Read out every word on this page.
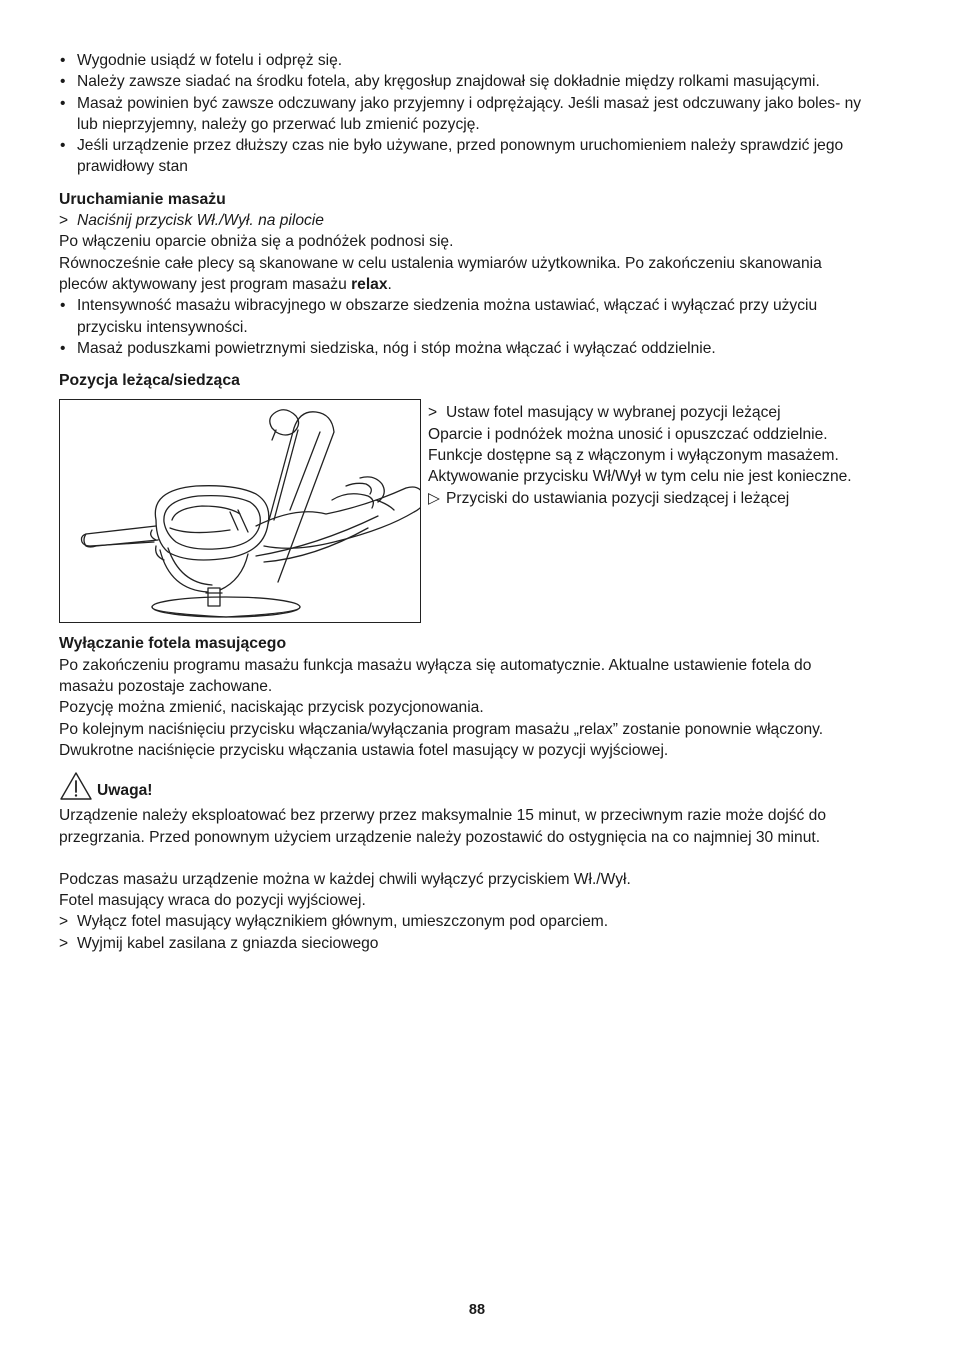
• Wygodnie usiądź w fotelu i odpręż się.
• Należy zawsze siadać na środku fotela, aby kręgosłup znajdował się dokładnie między rolkami masującymi.
• Masaż powinien być zawsze odczuwany jako przyjemny i odprężający. Jeśli masaż jest odczuwany jako boles- ny lub nieprzyjemny, należy go przerwać lub zmienić pozycję.
• Jeśli urządzenie przez dłuższy czas nie było używane, przed ponownym uruchomieniem należy sprawdzić jego prawidłowy stan
Uruchamianie masażu
> Naciśnij przycisk Wł./Wył. na pilocie

Po włączeniu oparcie obniża się a podnóżek podnosi się.

Równocześnie całe plecy są skanowane w celu ustalenia wymiarów użytkownika. Po zakończeniu skanowania pleców aktywowany jest program masażu relax.

• Intensywność masażu wibracyjnego w obszarze siedzenia można ustawiać, włączać i wyłączać przy użyciu przycisku intensywności.
• Masaż poduszkami powietrznymi siedziska, nóg i stóp można włączać i wyłączać oddzielnie.
Pozycja leżąca/siedząca
> Ustaw fotel masujący w wybranej pozycji leżącej

Oparcie i podnóżek można unosić i opuszczać oddzielnie.

Funkcje dostępne są z włączonym i wyłączonym masażem.

Aktywowanie przycisku Wł/Wył w tym celu nie jest konieczne.

▷ Przyciski do ustawiania pozycji siedzącej i leżącej
Wyłączanie fotela masującego

Po zakończeniu programu masażu funkcja masażu wyłącza się automatycznie. Aktualne ustawienie fotela do masażu pozostaje zachowane.

Pozycję można zmienić, naciskając przycisk pozycjonowania.

Po kolejnym naciśnięciu przycisku włączania/wyłączania program masażu „relax” zostanie ponownie włączony.

Dwukrotne naciśnięcie przycisku włączania ustawia fotel masujący w pozycji wyjściowej.

Uwaga!

Urządzenie należy eksploatować bez przerwy przez maksymalnie 15 minut, w przeciwnym razie może dojść do przegrzania. Przed ponownym użyciem urządzenie należy pozostawić do ostygnięcia na co najmniej 30 minut.

Podczas masażu urządzenie można w każdej chwili wyłączyć przyciskiem Wł./Wył.

Fotel masujący wraca do pozycji wyjściowej.

> Wyłącz fotel masujący wyłącznikiem głównym, umieszczonym pod oparciem.
> Wyjmij kabel zasilana z gniazda sieciowego
88
